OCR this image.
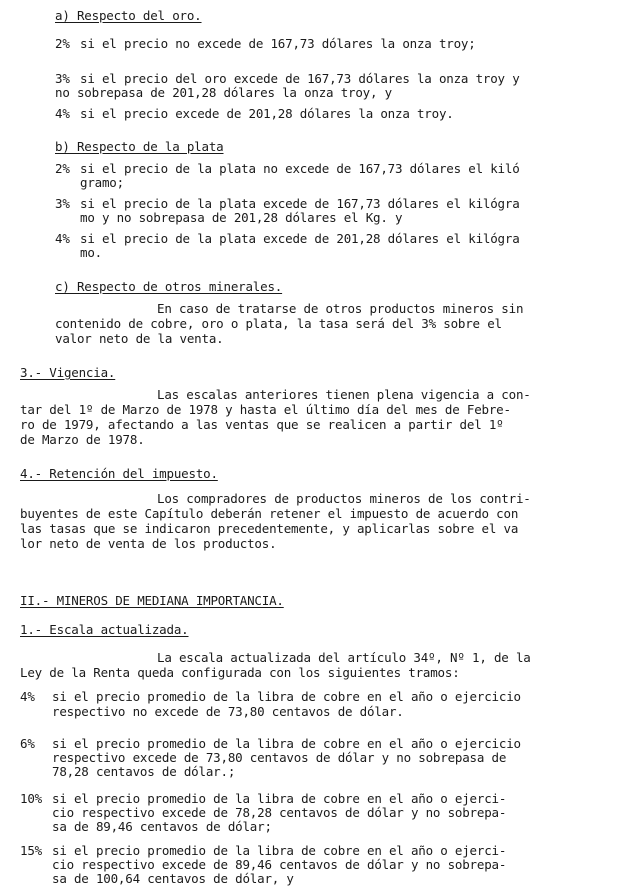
a) Respecto del oro.
2% si el precio no excede de 167,73 dólares la onza troy;
3% si el precio del oro excede de 167,73 dólares la onza troy y
no sobrepasa de 201,28 dólares la onza troy, y
4% si el precio excede de 201,28 dólares la onza troy.
b) Respecto de la plata
2% si el precio de la plata no excede de 167,73 dólares el kiló
gramo;
3% si el precio de la plata excede de 167,73 dólares el kilógra
mo y no sobrepasa de 201,28 dólares el Kg. y
4% si el precio de la plata excede de 201,28 dólares el kilógra
mo.
c) Respecto de otros minerales.
En caso de tratarse de otros productos mineros sin
contenido de cobre, oro o plata, la tasa será del 3% sobre el
valor neto de la venta.
3.- Vigencia.
Las escalas anteriores tienen plena vigencia a con-
tar del 1º de Marzo de 1978 y hasta el último día del mes de Febre-
ro de 1979, afectando a las ventas que se realicen a partir del 1º
de Marzo de 1978.
4.- Retención del impuesto.
Los compradores de productos mineros de los contri-
buyentes de este Capítulo deberán retener el impuesto de acuerdo con
las tasas que se indicaron precedentemente, y aplicarlas sobre el va
lor neto de venta de los productos.
II.- MINEROS DE MEDIANA IMPORTANCIA.
1.- Escala actualizada.
La escala actualizada del artículo 34º, Nº 1, de la
Ley de la Renta queda configurada con los siguientes tramos:
4% si el precio promedio de la libra de cobre en el año o ejercicio
respectivo no excede de 73,80 centavos de dólar.
6% si el precio promedio de la libra de cobre en el año o ejercicio
respectivo excede de 73,80 centavos de dólar y no sobrepasa de
78,28 centavos de dólar.;
10% si el precio promedio de la libra de cobre en el año o ejerci-
cio respectivo excede de 78,28 centavos de dólar y no sobrepa-
sa de 89,46 centavos de dólar;
15% si el precio promedio de la libra de cobre en el año o ejerci-
cio respectivo excede de 89,46 centavos de dólar y no sobrepa-
sa de 100,64 centavos de dólar, y
